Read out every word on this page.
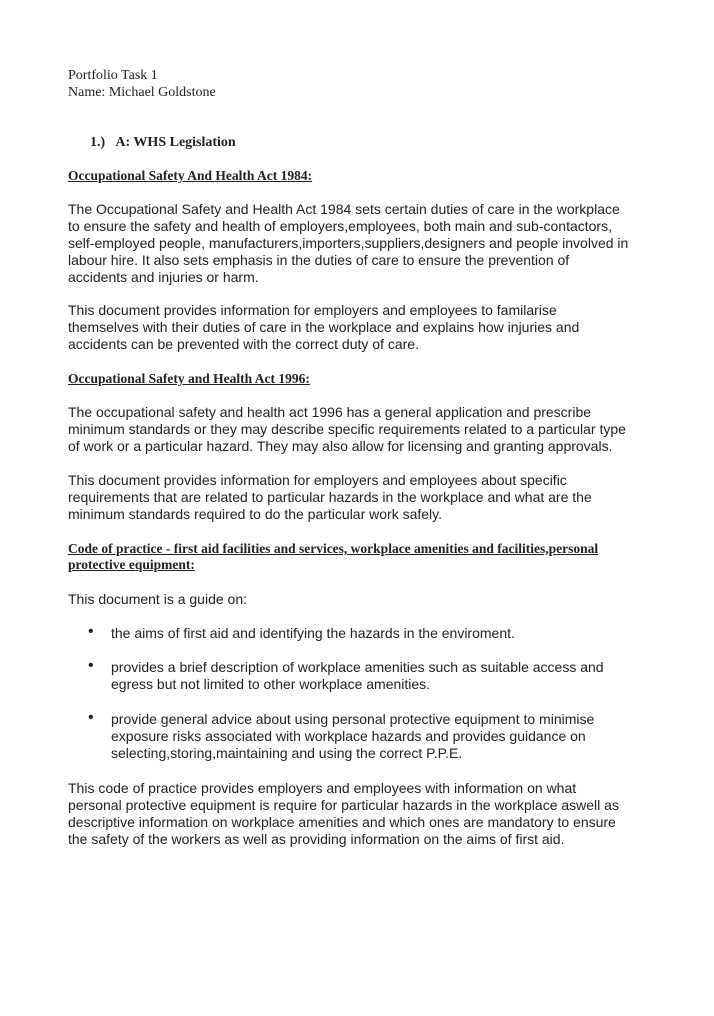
Portfolio Task 1
Name: Michael Goldstone
1.) A: WHS Legislation
Occupational Safety And Health Act 1984:
The Occupational Safety and Health Act 1984 sets certain duties of care in the workplace
to ensure the safety and health of employers,employees, both main and sub-contactors,
self-employed people, manufacturers,importers,suppliers,designers and people involved in
labour hire. It also sets emphasis in the duties of care to ensure the prevention of
accidents and injuries or harm.
This document provides information for employers and employees to familarise
themselves with their duties of care in the workplace and explains how injuries and
accidents can be prevented with the correct duty of care.
Occupational Safety and Health Act 1996:
The occupational safety and health act 1996 has a general application and prescribe
minimum standards or they may describe specific requirements related to a particular type
of work or a particular hazard. They may also allow for licensing and granting approvals.
This document provides information for employers and employees about specific
requirements that are related to particular hazards in the workplace and what are the
minimum standards required to do the particular work safely.
Code of practice - first aid facilities and services, workplace amenities and facilities,personal
protective equipment:
This document is a guide on:
• the aims of first aid and identifying the hazards in the enviroment.
• provides a brief description of workplace amenities such as suitable access and
egress but not limited to other workplace amenities.
• provide general advice about using personal protective equipment to minimise
exposure risks associated with workplace hazards and provides guidance on
selecting,storing,maintaining and using the correct P.P.E.
This code of practice provides employers and employees with information on what
personal protective equipment is require for particular hazards in the workplace aswell as
descriptive information on workplace amenities and which ones are mandatory to ensure
the safety of the workers as well as providing information on the aims of first aid.
